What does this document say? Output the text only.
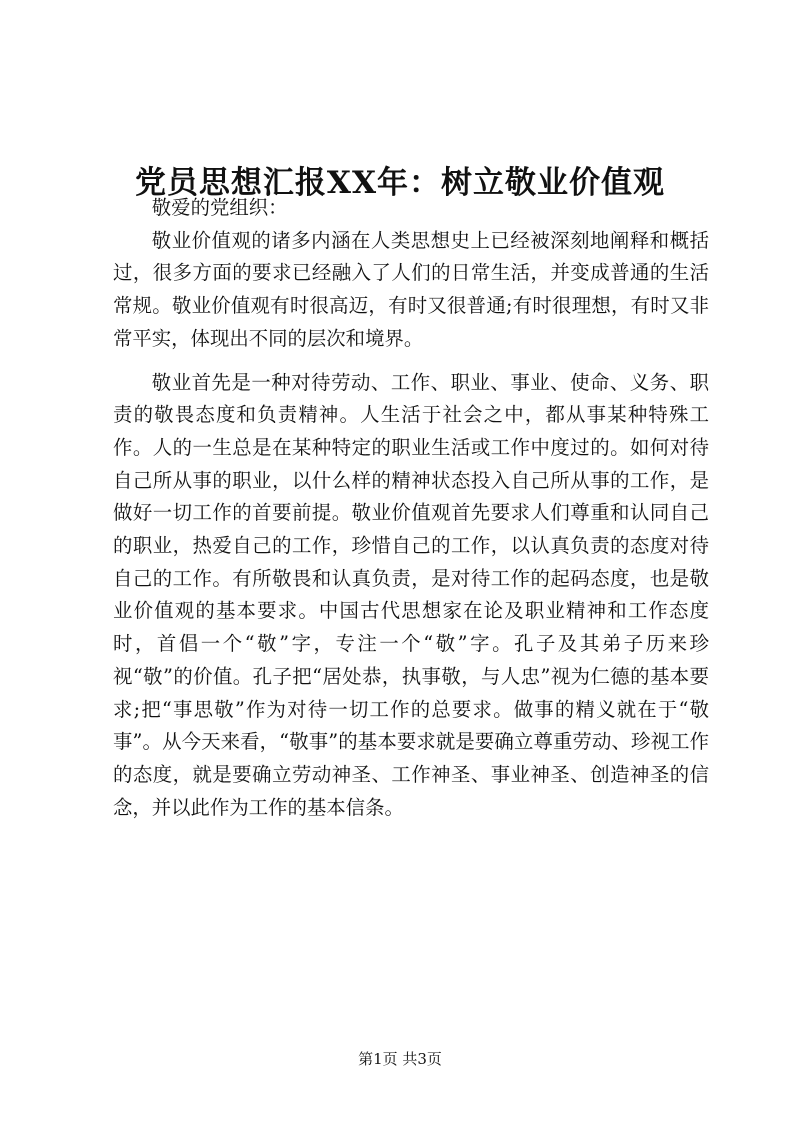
党员思想汇报XX年：树立敬业价值观

敬爱的党组织：

敬业价值观的诸多内涵在人类思想史上已经被深刻地阐释和概括过，很多方面的要求已经融入了人们的日常生活，并变成普通的生活常规。敬业价值观有时很高迈，有时又很普通;有时很理想，有时又非常平实，体现出不同的层次和境界。

敬业首先是一种对待劳动、工作、职业、事业、使命、义务、职责的敬畏态度和负责精神。人生活于社会之中，都从事某种特殊工作。人的一生总是在某种特定的职业生活或工作中度过的。如何对待自己所从事的职业，以什么样的精神状态投入自己所从事的工作，是做好一切工作的首要前提。敬业价值观首先要求人们尊重和认同自己的职业，热爱自己的工作，珍惜自己的工作，以认真负责的态度对待自己的工作。有所敬畏和认真负责，是对待工作的起码态度，也是敬业价值观的基本要求。中国古代思想家在论及职业精神和工作态度时，首倡一个“敬”字，专注一个“敬”字。孔子及其弟子历来珍视“敬”的价值。孔子把“居处恭，执事敬，与人忠”视为仁德的基本要求;把“事思敬”作为对待一切工作的总要求。做事的精义就在于“敬事”。从今天来看，“敬事”的基本要求就是要确立尊重劳动、珍视工作的态度，就是要确立劳动神圣、工作神圣、事业神圣、创造神圣的信念，并以此作为工作的基本信条。

第1页 共3页
